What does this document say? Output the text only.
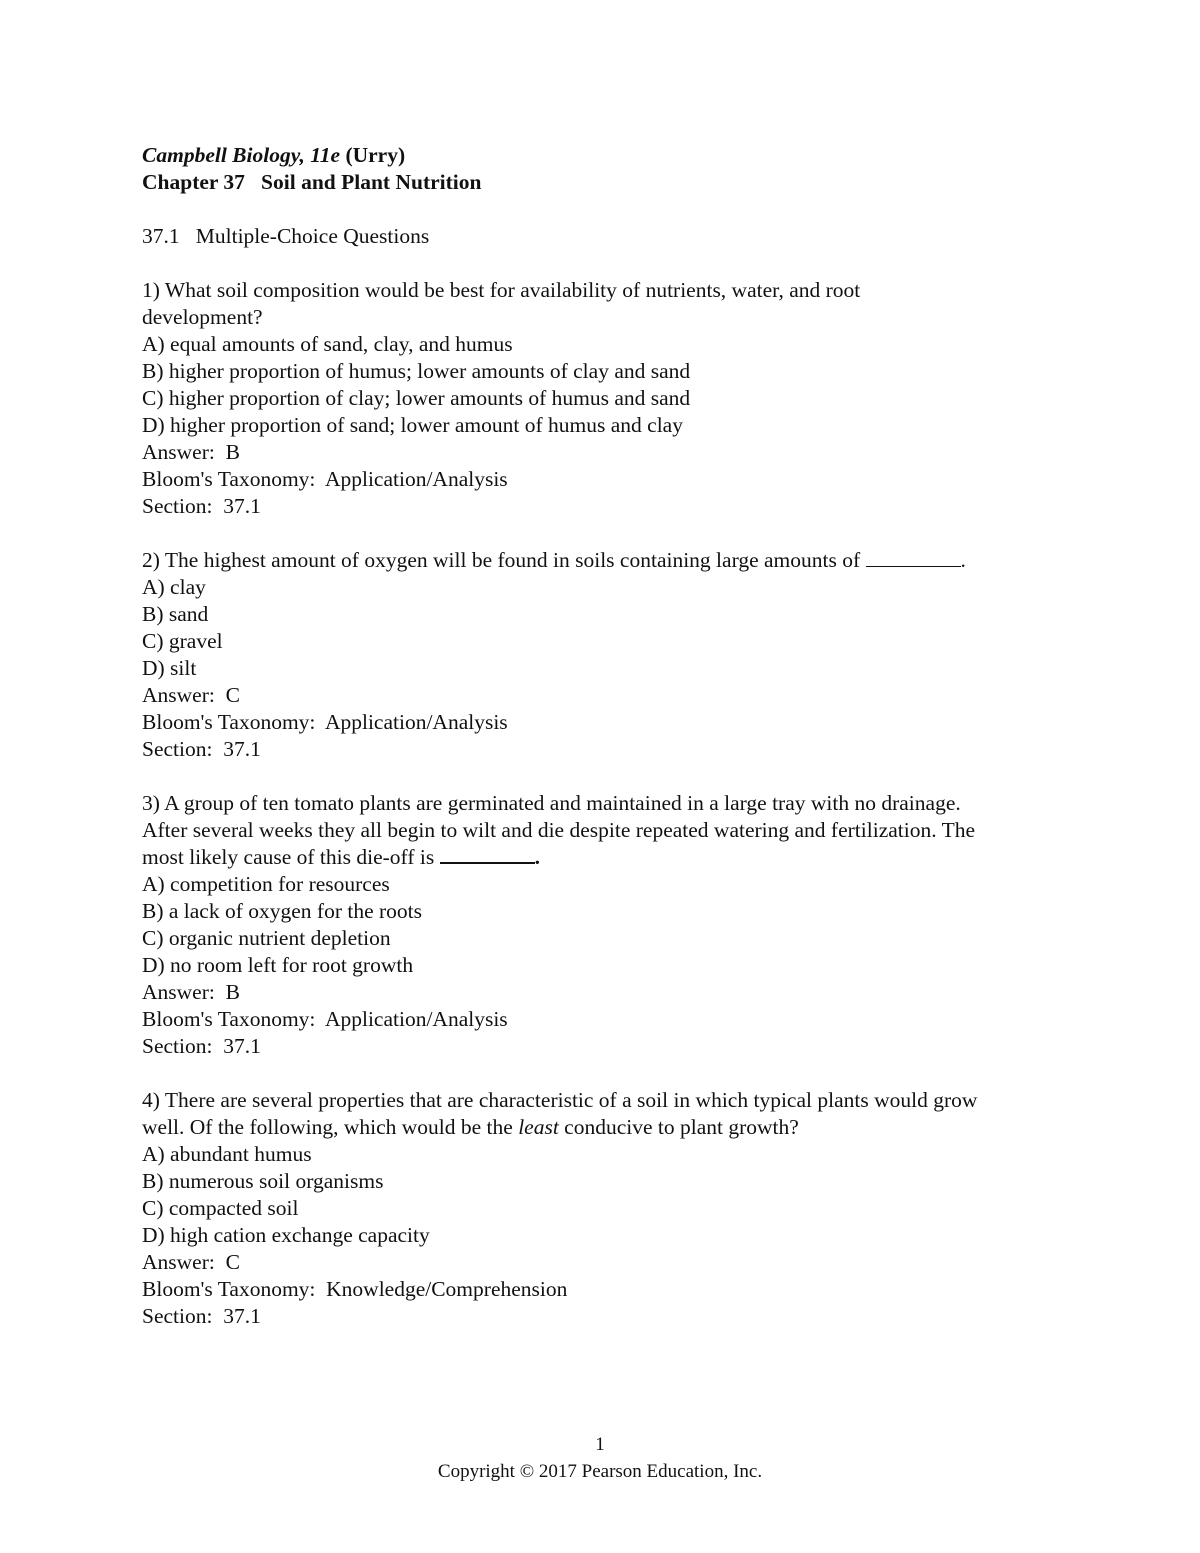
Campbell Biology, 11e (Urry)
Chapter 37   Soil and Plant Nutrition
37.1   Multiple-Choice Questions
1) What soil composition would be best for availability of nutrients, water, and root
development?
A) equal amounts of sand, clay, and humus
B) higher proportion of humus; lower amounts of clay and sand
C) higher proportion of clay; lower amounts of humus and sand
D) higher proportion of sand; lower amount of humus and clay
Answer:  B
Bloom's Taxonomy:  Application/Analysis
Section:  37.1
2) The highest amount of oxygen will be found in soils containing large amounts of	.
A) clay
B) sand
C) gravel
D) silt
Answer:  C
Bloom's Taxonomy:  Application/Analysis
Section:  37.1
3) A group of ten tomato plants are germinated and maintained in a large tray with no drainage.
After several weeks they all begin to wilt and die despite repeated watering and fertilization. The
most likely cause of this die-off is	.
A) competition for resources
B) a lack of oxygen for the roots
C) organic nutrient depletion
D) no room left for root growth
Answer:  B
Bloom's Taxonomy:  Application/Analysis
Section:  37.1
4) There are several properties that are characteristic of a soil in which typical plants would grow
well. Of the following, which would be the least conducive to plant growth?
A) abundant humus
B) numerous soil organisms
C) compacted soil
D) high cation exchange capacity
Answer:  C
Bloom's Taxonomy:  Knowledge/Comprehension
Section:  37.1
1
Copyright © 2017 Pearson Education, Inc.
